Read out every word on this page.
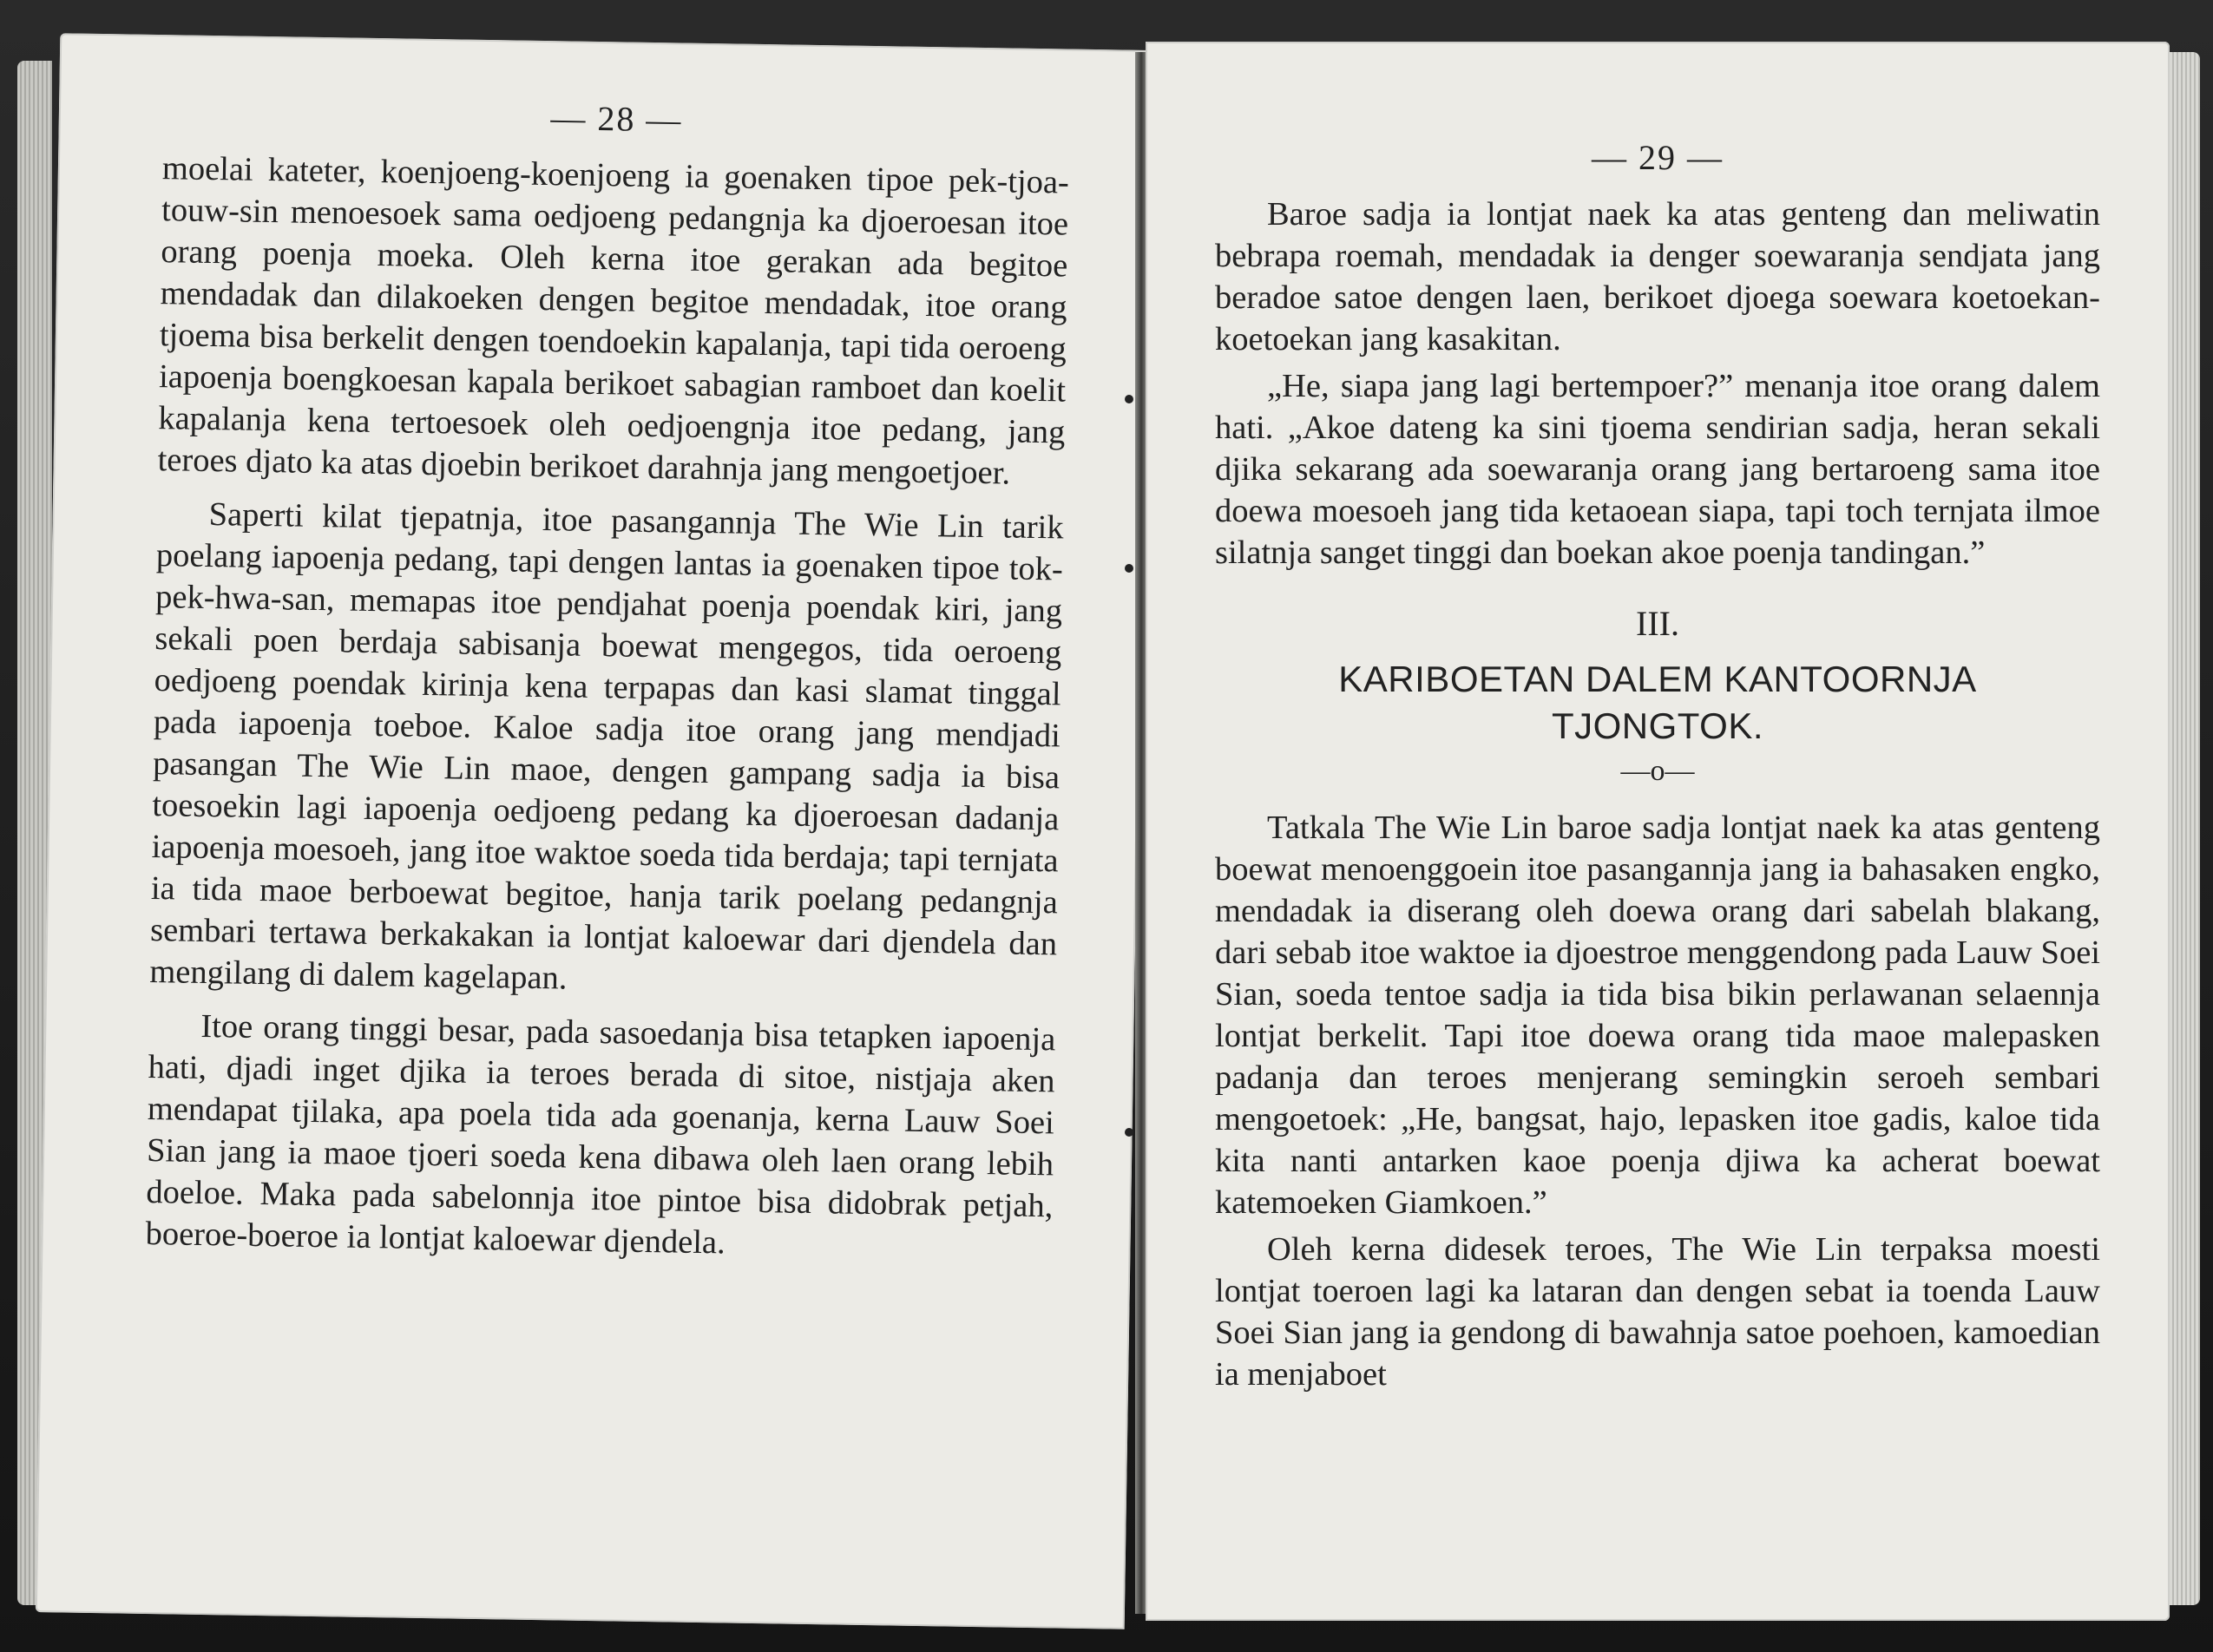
— 28 —

moelai kateter, koenjoeng-koenjoeng ia goenaken tipoe pek-tjoa-touw-sin menoesoek sama oedjoeng pedangnja ka djoeroesan itoe orang poenja moeka. Oleh kerna itoe gerakan ada begitoe mendadak dan dilakoeken dengen begitoe mendadak, itoe orang tjoema bisa berkelit dengen toendoekin kapalanja, tapi tida oeroeng iapoenja boengkoesan kapala berikoet sabagian ramboet dan koelit kapalanja kena tertoesoek oleh oedjoengnja itoe pedang, jang teroes djato ka atas djoebin berikoet darahnja jang mengoetjoer.

Saperti kilat tjepatnja, itoe pasangannja The Wie Lin tarik poelang iapoenja pedang, tapi dengen lantas ia goenaken tipoe tok-pek-hwa-san, memapas itoe pendjahat poenja poendak kiri, jang sekali poen berdaja sabisanja boewat mengegos, tida oeroeng oedjoeng poendak kirinja kena terpapas dan kasi slamat tinggal pada iapoenja toeboe. Kaloe sadja itoe orang jang mendjadi pasangan The Wie Lin maoe, dengen gampang sadja ia bisa toesoekin lagi iapoenja oedjoeng pedang ka djoeroesan dadanja iapoenja moesoeh, jang itoe waktoe soeda tida berdaja; tapi ternjata ia tida maoe berboewat begitoe, hanja tarik poelang pedangnja sembari tertawa berkakakan ia lontjat kaloewar dari djendela dan mengilang di dalem kagelapan.

Itoe orang tinggi besar, pada sasoedanja bisa tetapken iapoenja hati, djadi inget djika ia teroes berada di sitoe, nistjaja aken mendapat tjilaka, apa poela tida ada goenanja, kerna Lauw Soei Sian jang ia maoe tjoeri soeda kena dibawa oleh laen orang lebih doeloe. Maka pada sabelonnja itoe pintoe bisa didobrak petjah, boeroe-boeroe ia lontjat kaloewar djendela.

— 29 —

Baroe sadja ia lontjat naek ka atas genteng dan meliwatin bebrapa roemah, mendadak ia denger soewaranja sendjata jang beradoe satoe dengen laen, berikoet djoega soewara koetoekan-koetoekan jang kasakitan.

„He, siapa jang lagi bertempoer?” menanja itoe orang dalem hati. „Akoe dateng ka sini tjoema sendirian sadja, heran sekali djika sekarang ada soewaranja orang jang bertaroeng sama itoe doewa moesoeh jang tida ketaoean siapa, tapi toch ternjata ilmoe silatnja sanget tinggi dan boekan akoe poenja tandingan.”

III.
KARIBOETAN DALEM KANTOORNJA
TJONGTOK.
—o—

Tatkala The Wie Lin baroe sadja lontjat naek ka atas genteng boewat menoenggoein itoe pasangannja jang ia bahasaken engko, mendadak ia diserang oleh doewa orang dari sabelah blakang, dari sebab itoe waktoe ia djoestroe menggendong pada Lauw Soei Sian, soeda tentoe sadja ia tida bisa bikin perlawanan selaennja lontjat berkelit. Tapi itoe doewa orang tida maoe malepasken padanja dan teroes menjerang semingkin seroeh sembari mengoetoek: „He, bangsat, hajo, lepasken itoe gadis, kaloe tida kita nanti antarken kaoe poenja djiwa ka acherat boewat katemoeken Giamkoen.”

Oleh kerna didesek teroes, The Wie Lin terpaksa moesti lontjat toeroen lagi ka lataran dan dengen sebat ia toenda Lauw Soei Sian jang ia gendong di bawahnja satoe poehoen, kamoedian ia menjaboet
